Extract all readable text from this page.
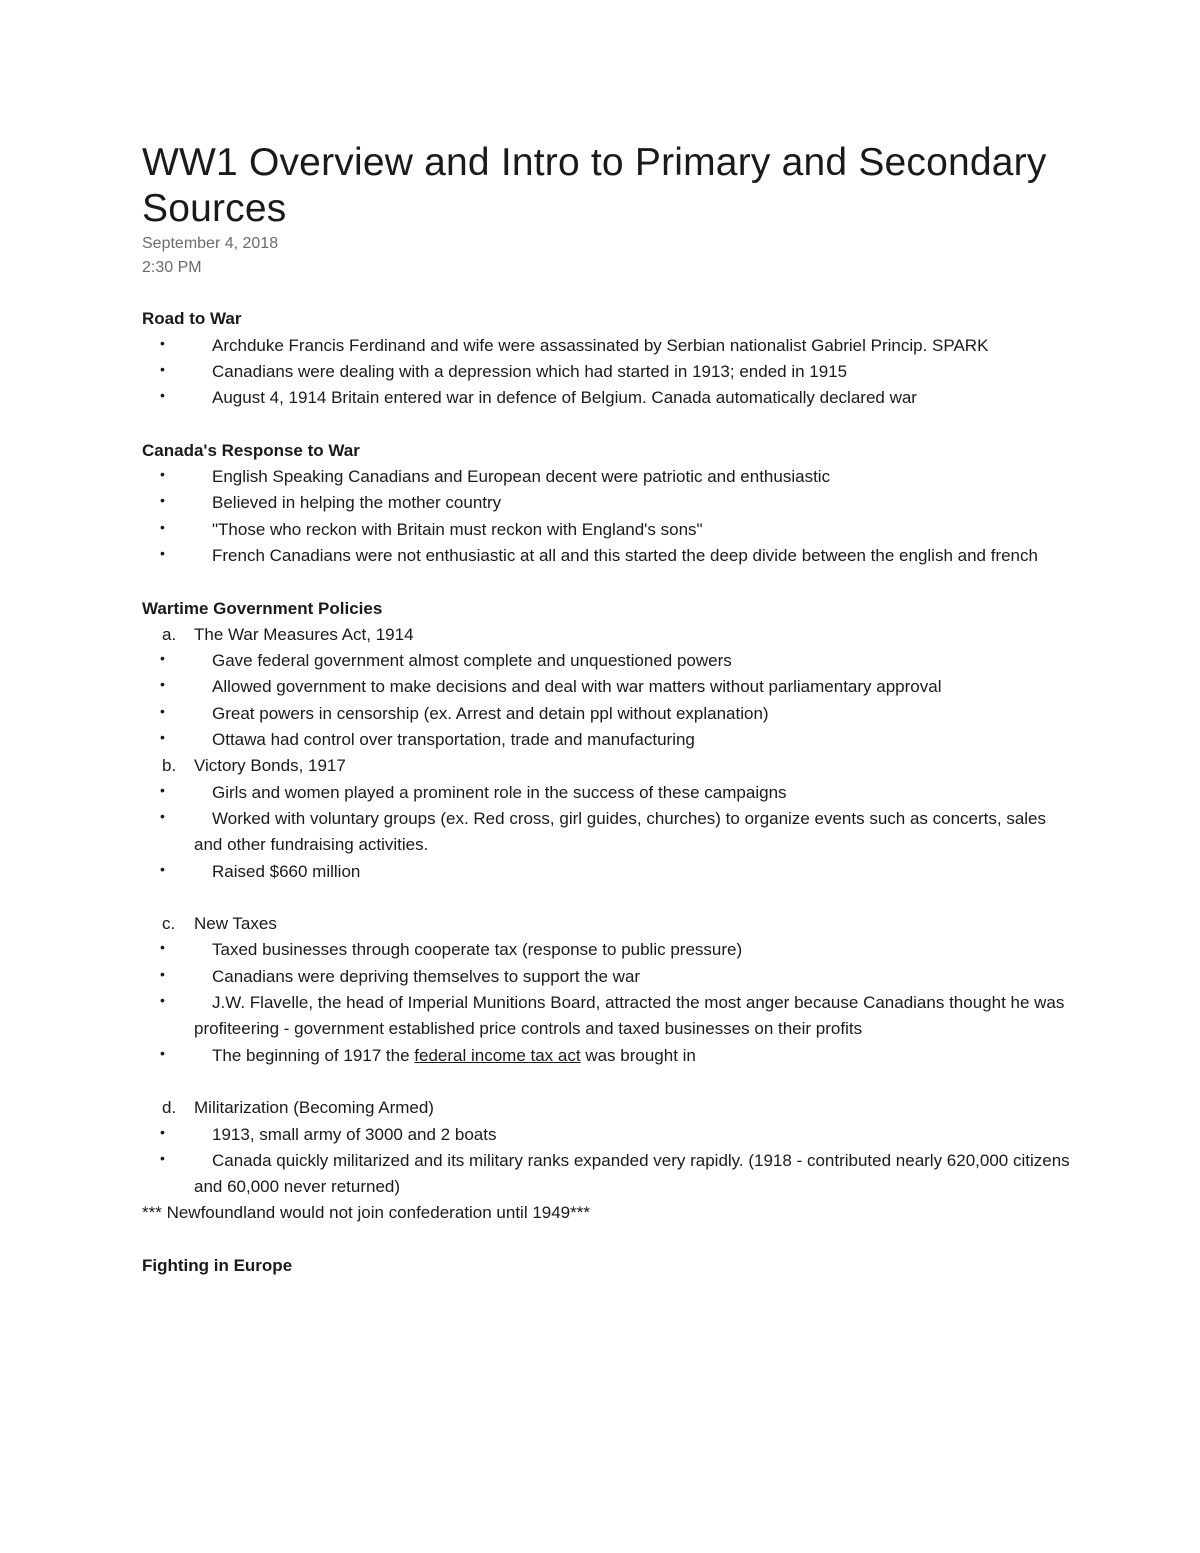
WW1 Overview and Intro to Primary and Secondary Sources
September 4, 2018
2:30 PM
Road to War
•	Archduke Francis Ferdinand and wife were assassinated by Serbian nationalist Gabriel Princip. SPARK
•	Canadians were dealing with a depression which had started in 1913; ended in 1915
•	August 4, 1914 Britain entered war in defence of Belgium. Canada automatically declared war
Canada's Response to War
•	English Speaking Canadians and European decent were patriotic and enthusiastic
•	Believed in helping the mother country
•	"Those who reckon with Britain must reckon with England's sons"
•	French Canadians were not enthusiastic at all and this started the deep divide between the english and french
Wartime Government Policies
a. The War Measures Act, 1914
•	Gave federal government almost complete and unquestioned powers
•	Allowed government to make decisions and deal with war matters without parliamentary approval
•	Great powers in censorship (ex. Arrest and detain ppl without explanation)
•	Ottawa had control over transportation, trade and manufacturing
b. Victory Bonds, 1917
•	Girls and women played a prominent role in the success of these campaigns
•	Worked with voluntary groups (ex. Red cross, girl guides, churches) to organize events such as concerts, sales and other fundraising activities.
•	Raised $660 million
c. New Taxes
•	Taxed businesses through cooperate tax (response to public pressure)
•	Canadians were depriving themselves to support the war
•	J.W. Flavelle, the head of Imperial Munitions Board, attracted the most anger because Canadians thought he was profiteering - government established price controls and taxed businesses on their profits
•	The beginning of 1917 the federal income tax act was brought in
d. Militarization (Becoming Armed)
•	1913, small army of 3000 and 2 boats
•	Canada quickly militarized and its military ranks expanded very rapidly. (1918 - contributed nearly 620,000 citizens and 60,000 never returned)
*** Newfoundland would not join confederation until 1949***
Fighting in Europe
